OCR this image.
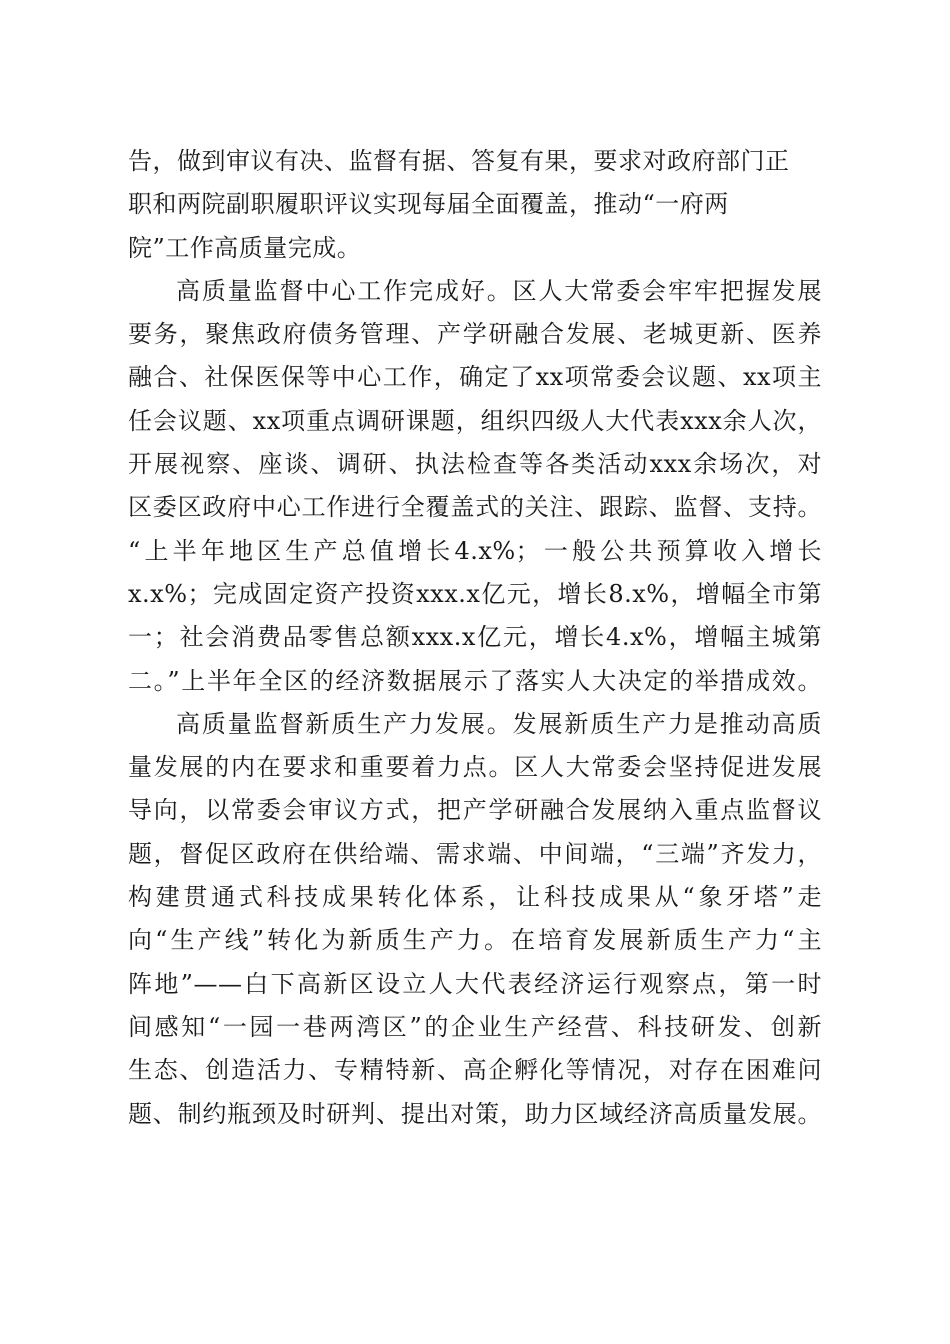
告，做到审议有决、监督有据、答复有果，要求对政府部门正
职和两院副职履职评议实现每届全面覆盖，推动“一府两
院”工作高质量完成。

高质量监督中心工作完成好。区人大常委会牢牢把握发展
要务，聚焦政府债务管理、产学研融合发展、老城更新、医养
融合、社保医保等中心工作，确定了xx项常委会议题、xx项主
任会议题、xx项重点调研课题，组织四级人大代表xxx余人次，
开展视察、座谈、调研、执法检查等各类活动xxx余场次，对
区委区政府中心工作进行全覆盖式的关注、跟踪、监督、支持。
“上半年地区生产总值增长4.x%；一般公共预算收入增长
x.x%；完成固定资产投资xxx.x亿元，增长8.x%，增幅全市第
一；社会消费品零售总额xxx.x亿元，增长4.x%，增幅主城第
二。”上半年全区的经济数据展示了落实人大决定的举措成效。

高质量监督新质生产力发展。发展新质生产力是推动高质
量发展的内在要求和重要着力点。区人大常委会坚持促进发展
导向，以常委会审议方式，把产学研融合发展纳入重点监督议
题，督促区政府在供给端、需求端、中间端，“三端”齐发力，
构建贯通式科技成果转化体系，让科技成果从“象牙塔”走
向“生产线”转化为新质生产力。在培育发展新质生产力“主
阵地”——白下高新区设立人大代表经济运行观察点，第一时
间感知“一园一巷两湾区”的企业生产经营、科技研发、创新
生态、创造活力、专精特新、高企孵化等情况，对存在困难问
题、制约瓶颈及时研判、提出对策，助力区域经济高质量发展。
